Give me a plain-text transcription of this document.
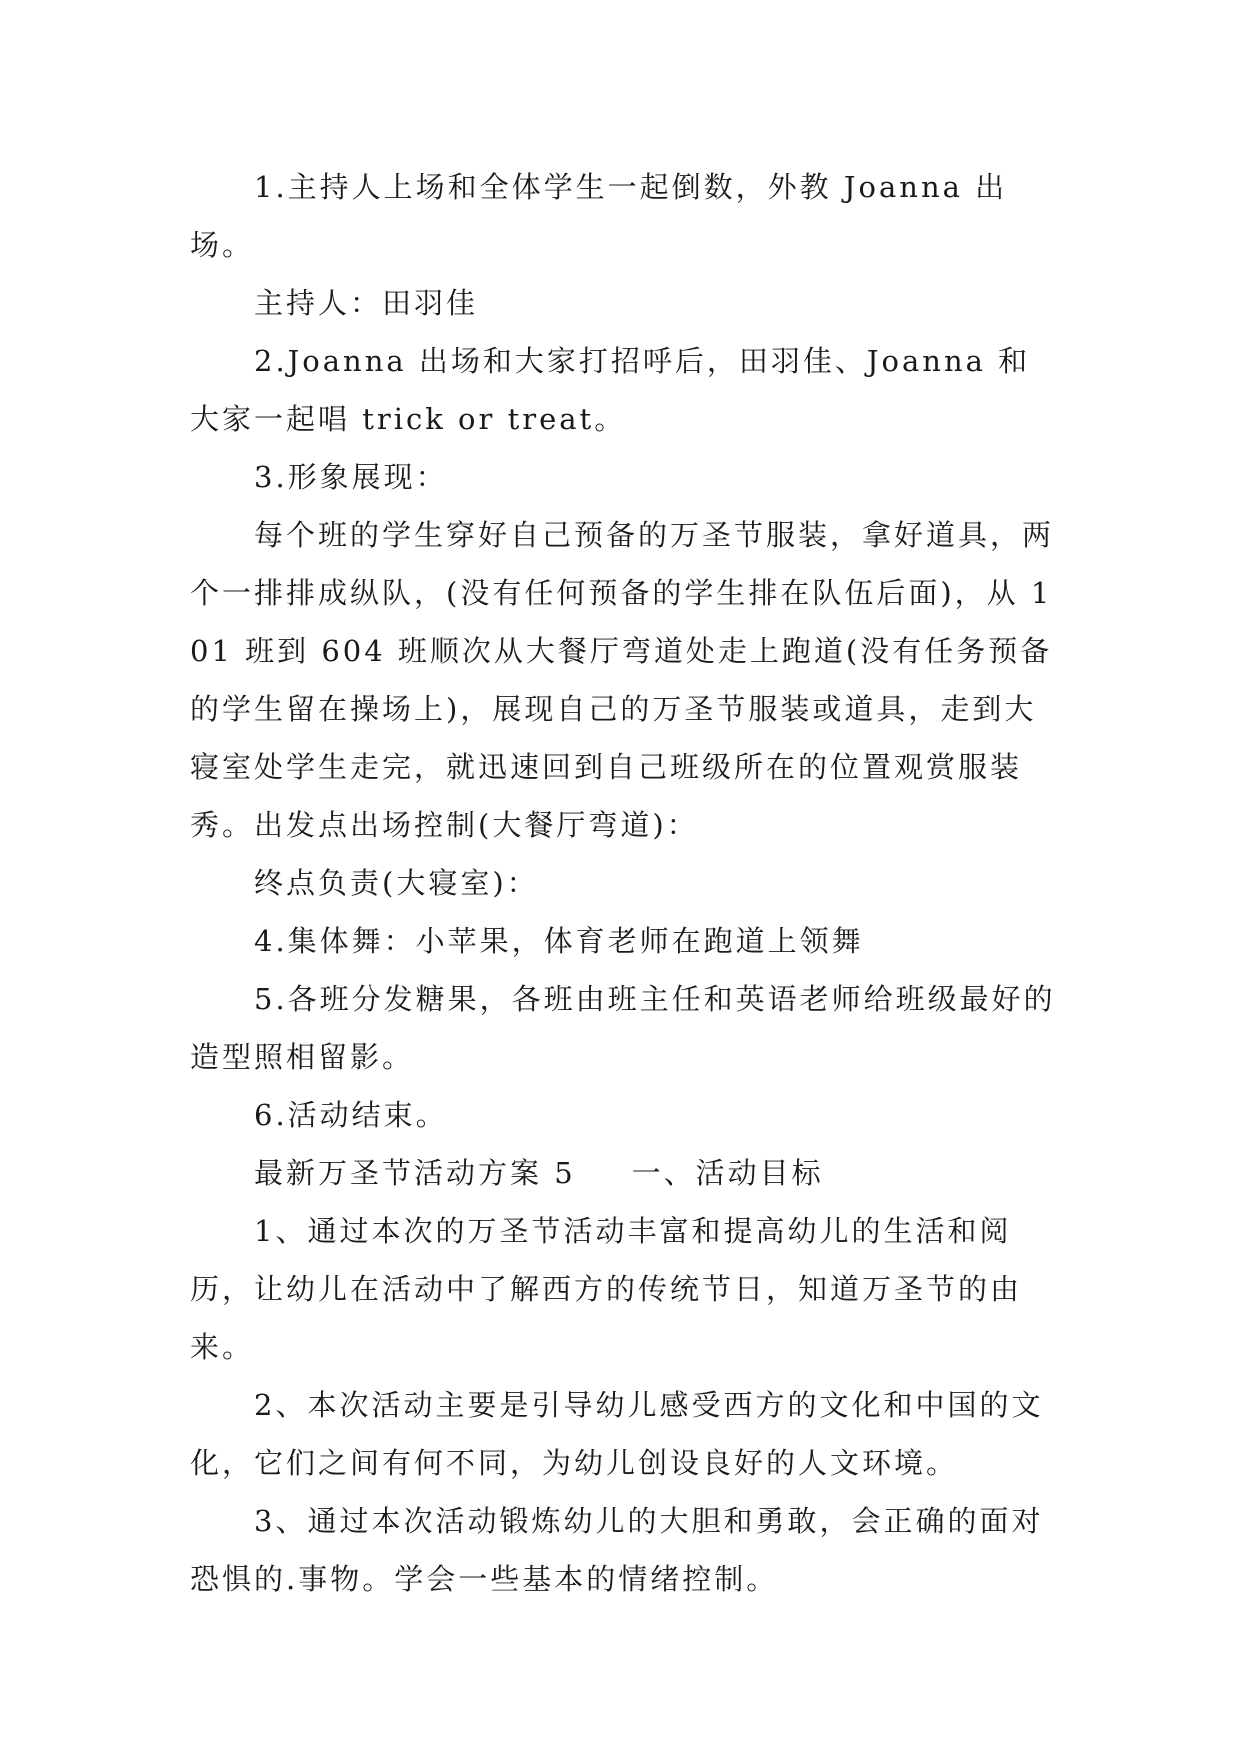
1.主持人上场和全体学生一起倒数，外教 Joanna 出场。

主持人：田羽佳

2.Joanna 出场和大家打招呼后，田羽佳、Joanna 和大家一起唱 trick or treat。

3.形象展现：

每个班的学生穿好自己预备的万圣节服装，拿好道具，两个一排排成纵队，(没有任何预备的学生排在队伍后面)，从 101 班到 604 班顺次从大餐厅弯道处走上跑道(没有任务预备的学生留在操场上)，展现自己的万圣节服装或道具，走到大寝室处学生走完，就迅速回到自己班级所在的位置观赏服装秀。出发点出场控制(大餐厅弯道)：

终点负责(大寝室)：

4.集体舞：小苹果，体育老师在跑道上领舞

5.各班分发糖果，各班由班主任和英语老师给班级最好的造型照相留影。

6.活动结束。

最新万圣节活动方案 5 一、活动目标

1、通过本次的万圣节活动丰富和提高幼儿的生活和阅历，让幼儿在活动中了解西方的传统节日，知道万圣节的由来。

2、本次活动主要是引导幼儿感受西方的文化和中国的文化，它们之间有何不同，为幼儿创设良好的人文环境。

3、通过本次活动锻炼幼儿的大胆和勇敢，会正确的面对恐惧的.事物。学会一些基本的情绪控制。
